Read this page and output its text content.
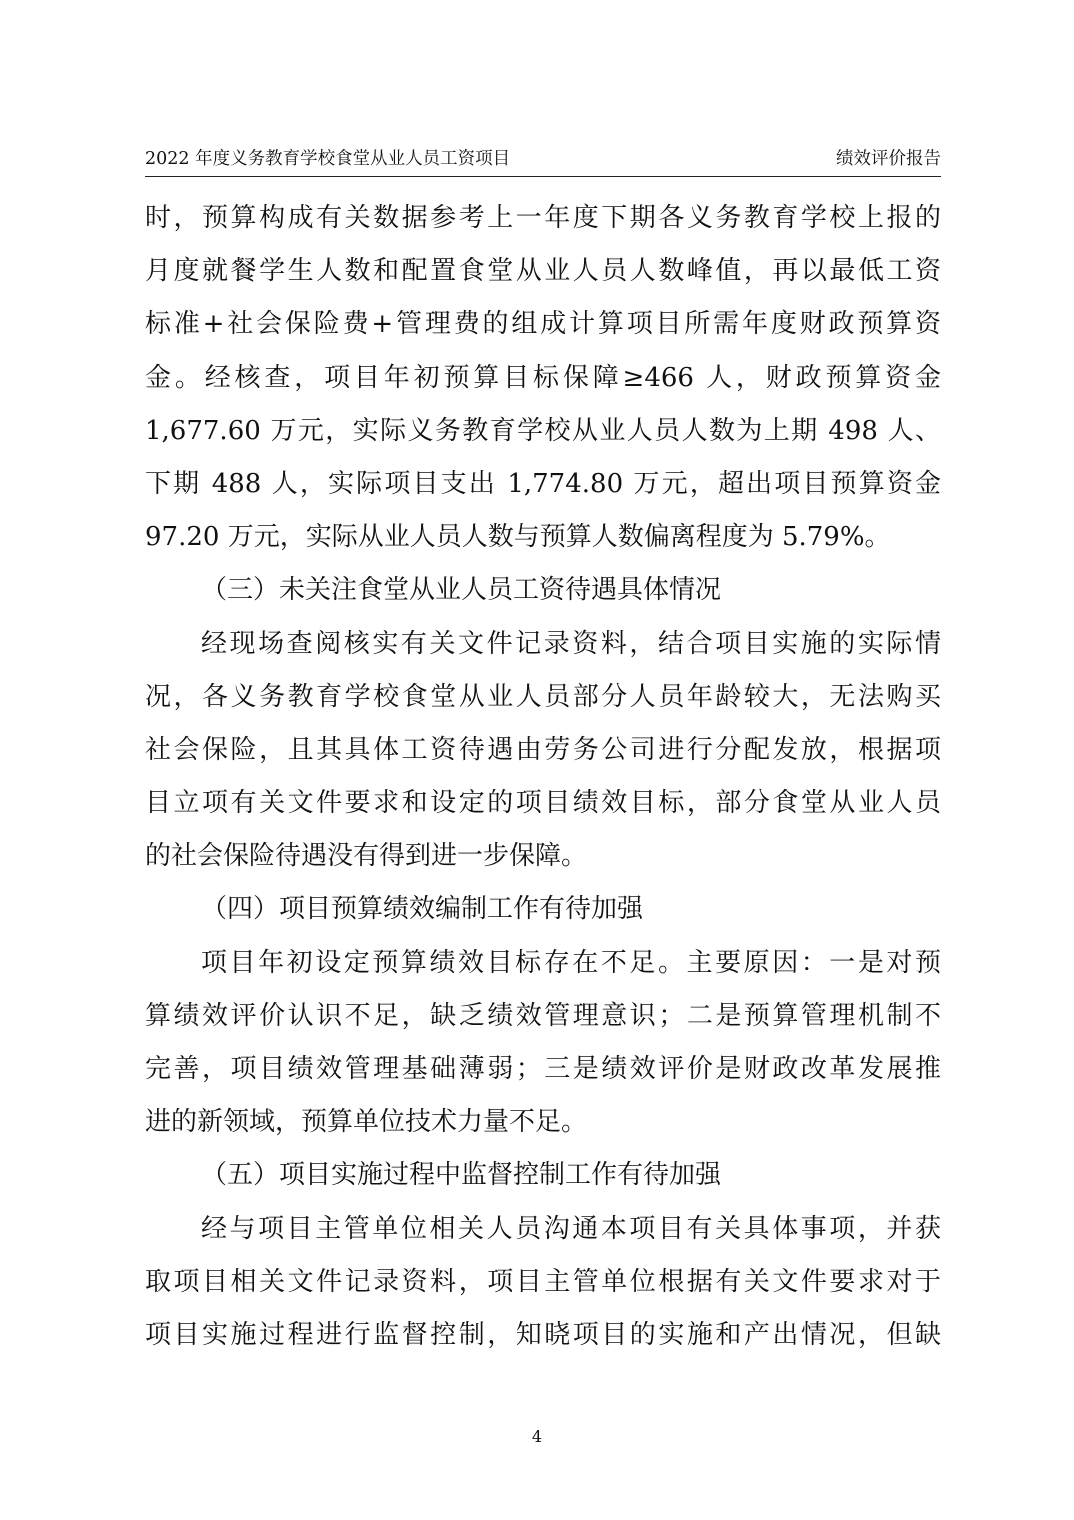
2022 年度义务教育学校食堂从业人员工资项目	绩效评价报告
时，预算构成有关数据参考上一年度下期各义务教育学校上报的
月度就餐学生人数和配置食堂从业人员人数峰值，再以最低工资
标准+社会保险费+管理费的组成计算项目所需年度财政预算资
金。经核查，项目年初预算目标保障≥466 人，财政预算资金
1,677.60 万元，实际义务教育学校从业人员人数为上期 498 人、
下期 488 人，实际项目支出 1,774.80 万元，超出项目预算资金
97.20 万元，实际从业人员人数与预算人数偏离程度为 5.79%。
（三）未关注食堂从业人员工资待遇具体情况
经现场查阅核实有关文件记录资料，结合项目实施的实际情
况，各义务教育学校食堂从业人员部分人员年龄较大，无法购买
社会保险，且其具体工资待遇由劳务公司进行分配发放，根据项
目立项有关文件要求和设定的项目绩效目标，部分食堂从业人员
的社会保险待遇没有得到进一步保障。
（四）项目预算绩效编制工作有待加强
项目年初设定预算绩效目标存在不足。主要原因：一是对预
算绩效评价认识不足，缺乏绩效管理意识；二是预算管理机制不
完善，项目绩效管理基础薄弱；三是绩效评价是财政改革发展推
进的新领域，预算单位技术力量不足。
（五）项目实施过程中监督控制工作有待加强
经与项目主管单位相关人员沟通本项目有关具体事项，并获
取项目相关文件记录资料，项目主管单位根据有关文件要求对于
项目实施过程进行监督控制，知晓项目的实施和产出情况，但缺
4
